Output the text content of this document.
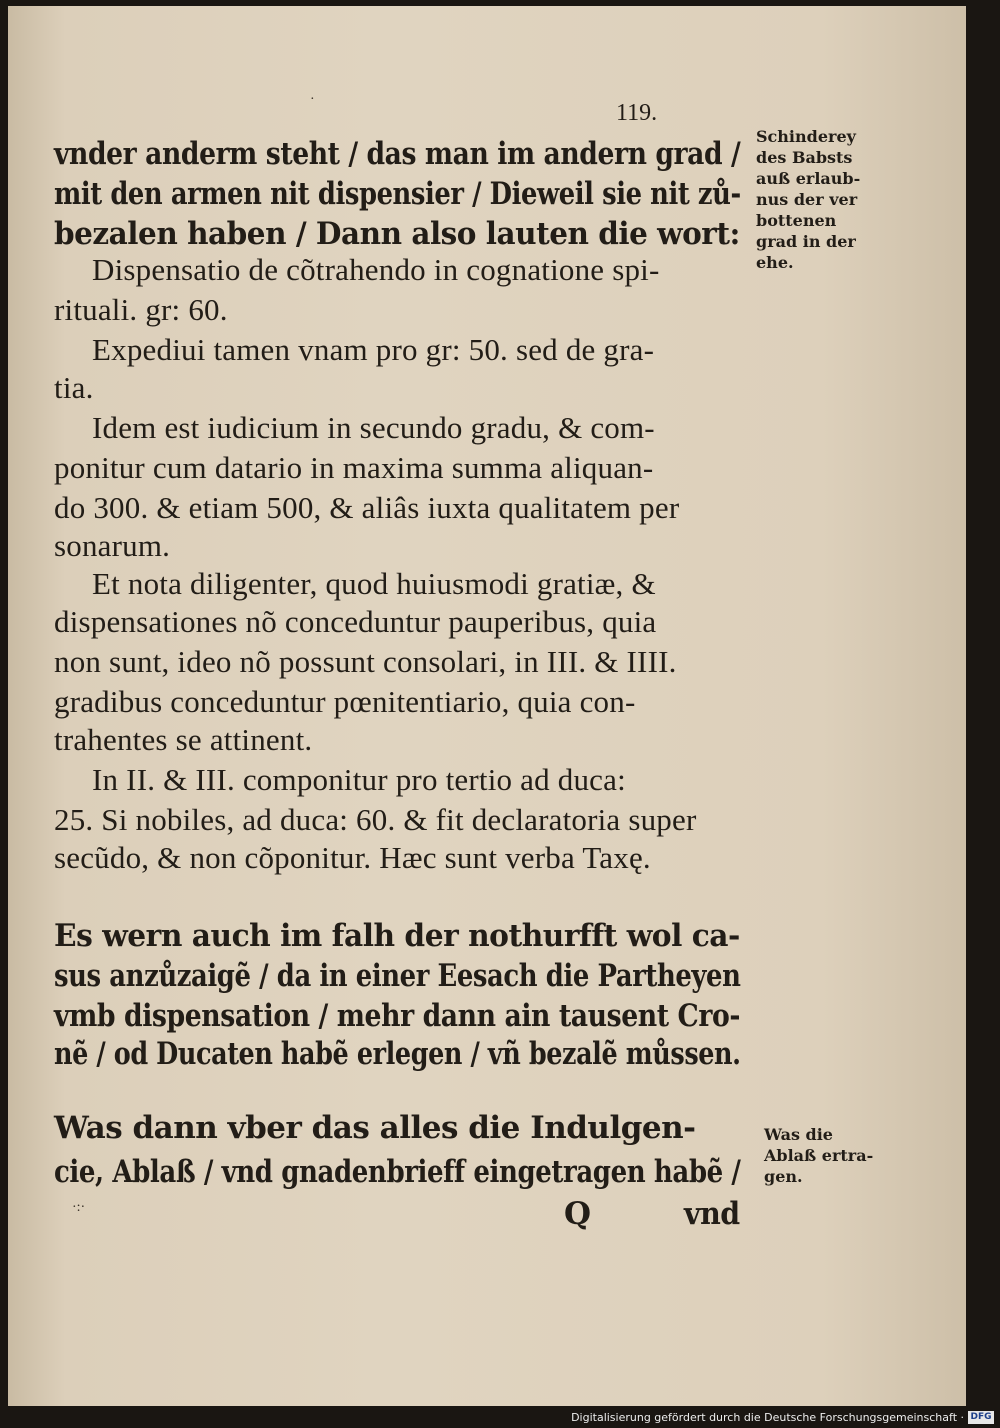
·
119.
vnder anderm steht / das man im andern grad /
mit den armen nit dispensier / Dieweil sie nit zů-
bezalen haben / Dann also lauten die wort:
Dispensatio de cõtrahendo in cognatione spi-
rituali. gr: 60.
Expediui tamen vnam pro gr: 50. sed de gra-
tia.
Idem est iudicium in secundo gradu, & com-
ponitur cum datario in maxima summa aliquan-
do 300. & etiam 500, & aliâs iuxta qualitatem per
sonarum.
Et nota diligenter, quod huiusmodi gratiæ, &
dispensationes nõ conceduntur pauperibus, quia
non sunt, ideo nõ possunt consolari, in III. & IIII.
gradibus conceduntur pœnitentiario, quia con-
trahentes se attinent.
In II. & III. componitur pro tertio ad duca:
25. Si nobiles, ad duca: 60. & fit declaratoria super
secũdo, & non cõponitur. Hæc sunt verba Taxę.
Es wern auch im falh der nothurfft wol ca-
sus anzůzaigẽ / da in einer Eesach die Partheyen
vmb dispensation / mehr dann ain tausent Cro-
nẽ / od Ducaten habẽ erlegen / vñ bezalẽ můssen.
Was dann vber das alles die Indulgen-
cie, Ablaß / vnd gnadenbrieff eingetragen habẽ /
·:·	Q	vnd
Schinderey
des Babsts
auß erlaub-
nus der ver
bottenen
grad in der
ehe.
Was die
Ablaß ertra-
gen.
Digitalisierung gefördert durch die Deutsche Forschungsgemeinschaft · DFG
